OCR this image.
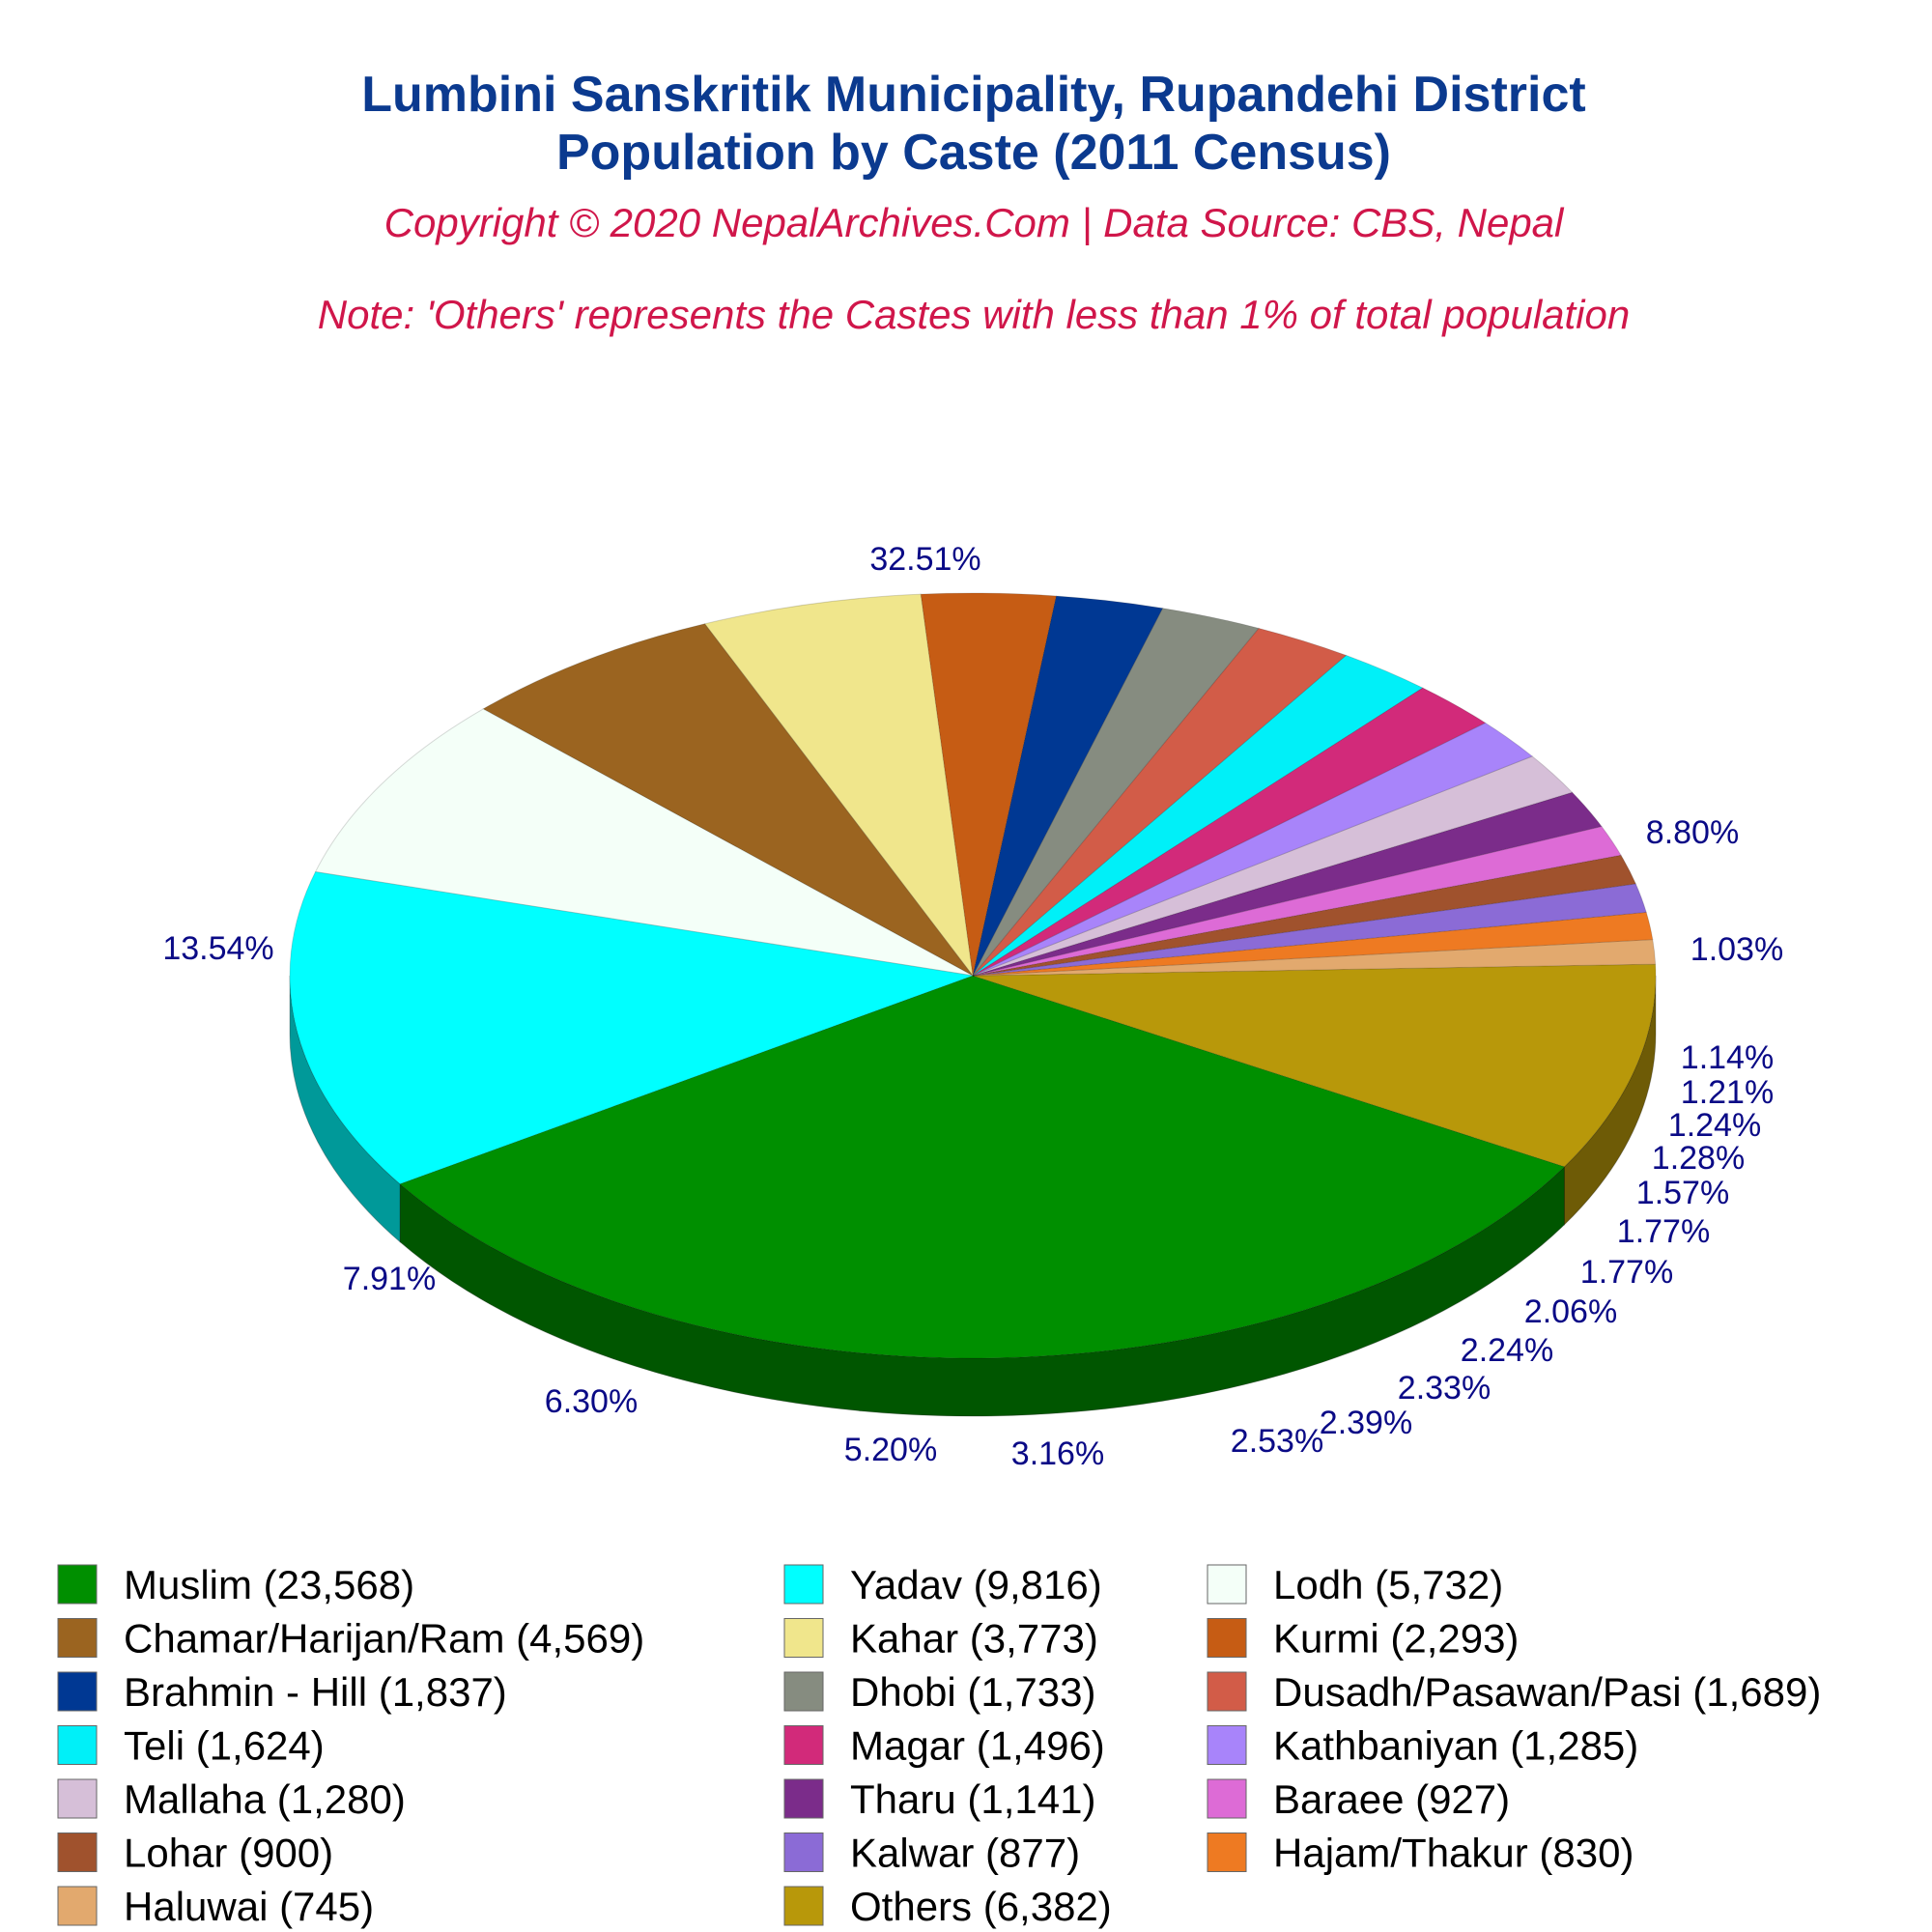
Lumbini Sanskritik Municipality, Rupandehi District
Population by Caste (2011 Census)
Copyright © 2020 NepalArchives.Com | Data Source: CBS, Nepal
Note: 'Others' represents the Castes with less than 1% of total population
32.51%
8.80%
1.03%
1.14%
1.21%
1.24%
1.28%
1.57%
1.77%
1.77%
2.06%
2.24%
2.33%
2.39%
2.53%
3.16%
5.20%
6.30%
7.91%
13.54%
Muslim (23,568)	Yadav (9,816)	Lodh (5,732)
Chamar/Harijan/Ram (4,569)	Kahar (3,773)	Kurmi (2,293)
Brahmin - Hill (1,837)	Dhobi (1,733)	Dusadh/Pasawan/Pasi (1,689)
Teli (1,624)	Magar (1,496)	Kathbaniyan (1,285)
Mallaha (1,280)	Tharu (1,141)	Baraee (927)
Lohar (900)	Kalwar (877)	Hajam/Thakur (830)
Haluwai (745)	Others (6,382)
